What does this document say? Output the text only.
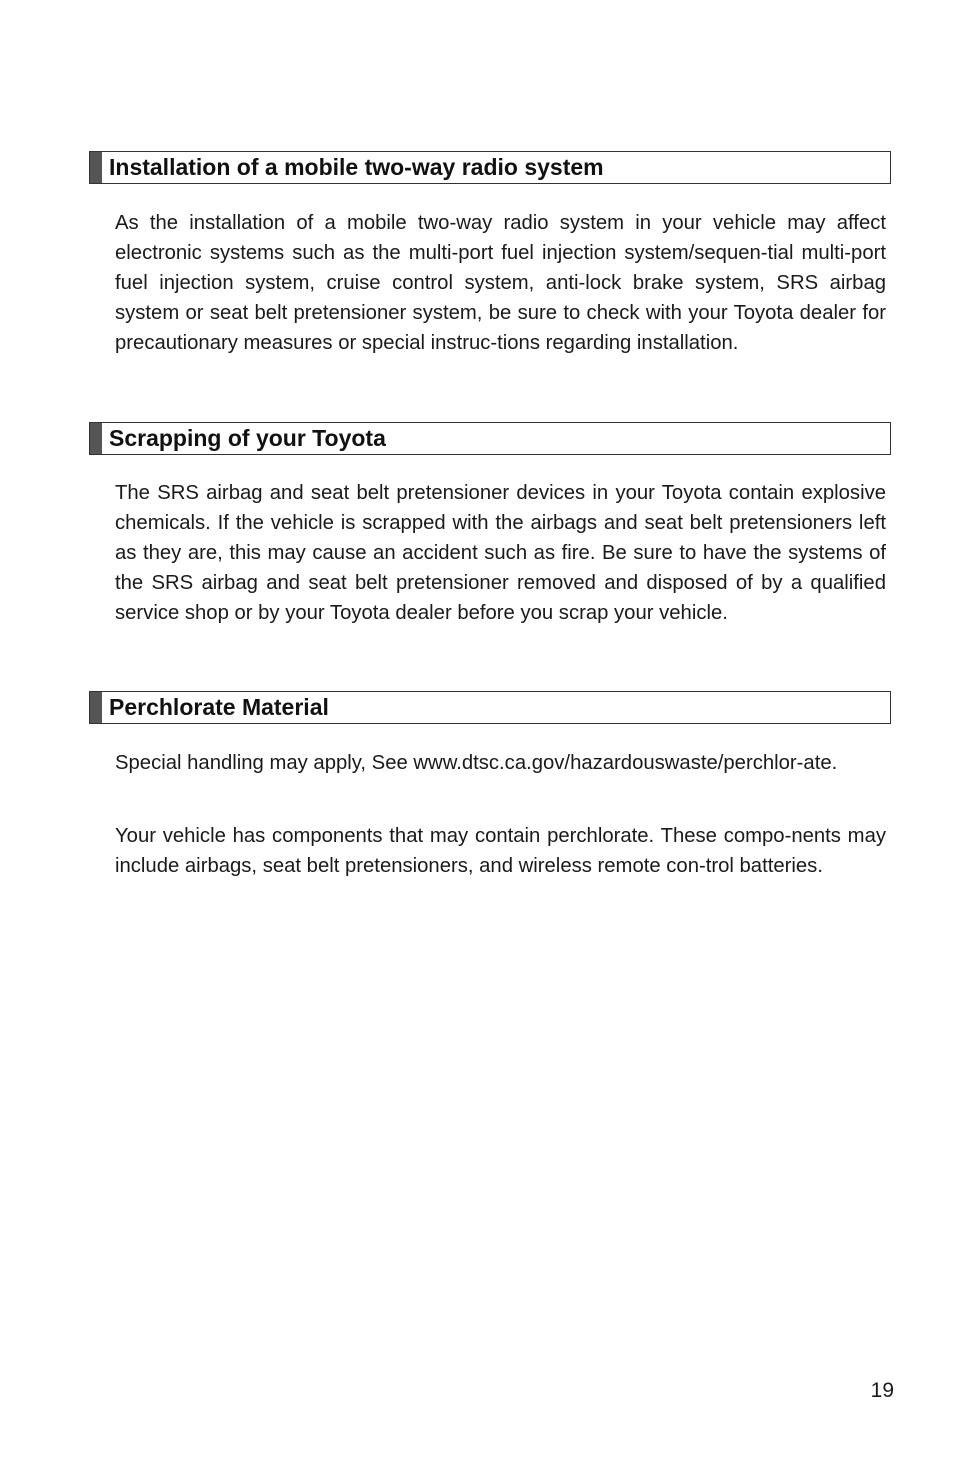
Installation of a mobile two-way radio system

As the installation of a mobile two-way radio system in your vehicle may affect electronic systems such as the multi-port fuel injection system/sequen-tial multi-port fuel injection system, cruise control system, anti-lock brake system, SRS airbag system or seat belt pretensioner system, be sure to check with your Toyota dealer for precautionary measures or special instruc-tions regarding installation.

Scrapping of your Toyota

The SRS airbag and seat belt pretensioner devices in your Toyota contain explosive chemicals. If the vehicle is scrapped with the airbags and seat belt pretensioners left as they are, this may cause an accident such as fire. Be sure to have the systems of the SRS airbag and seat belt pretensioner removed and disposed of by a qualified service shop or by your Toyota dealer before you scrap your vehicle.

Perchlorate Material

Special handling may apply, See www.dtsc.ca.gov/hazardouswaste/perchlor-ate.

Your vehicle has components that may contain perchlorate. These compo-nents may include airbags, seat belt pretensioners, and wireless remote con-trol batteries.

19
